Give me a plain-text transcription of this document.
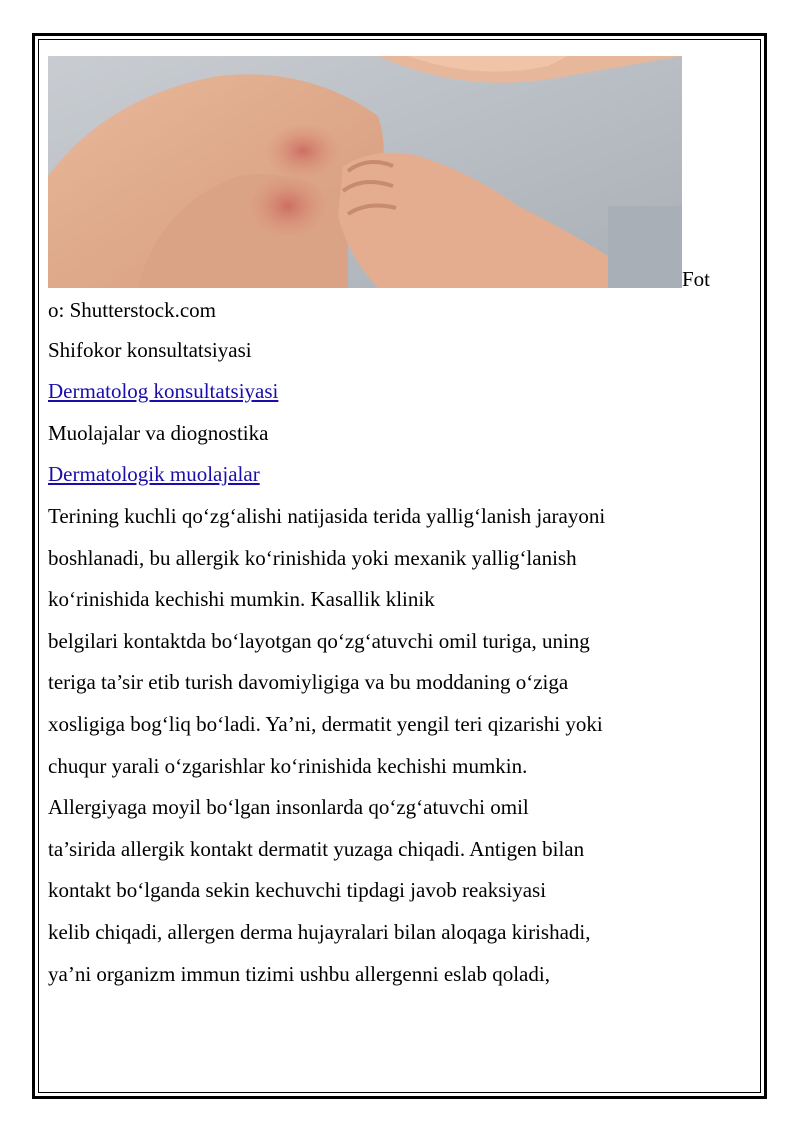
Fot
o: Shutterstock.com
Shifokor konsultatsiyasi
Dermatolog konsultatsiyasi
Muolajalar va diognostika
Dermatologik muolajalar
Terining kuchli qo‘zg‘alishi natijasida terida yallig‘lanish jarayoni
boshlanadi, bu allergik ko‘rinishida yoki mexanik yallig‘lanish
ko‘rinishida kechishi mumkin. Kasallik klinik
belgilari kontaktda bo‘layotgan qo‘zg‘atuvchi omil turiga, uning
teriga ta’sir etib turish davomiyligiga va bu moddaning o‘ziga
xosligiga bog‘liq bo‘ladi. Ya’ni, dermatit yengil teri qizarishi yoki
chuqur yarali o‘zgarishlar ko‘rinishida kechishi mumkin.
Allergiyaga moyil bo‘lgan insonlarda qo‘zg‘atuvchi omil
ta’sirida allergik kontakt dermatit yuzaga chiqadi. Antigen bilan
kontakt bo‘lganda sekin kechuvchi tipdagi javob reaksiyasi
kelib chiqadi, allergen derma hujayralari bilan aloqaga kirishadi,
ya’ni organizm immun tizimi ushbu allergenni eslab qoladi,
